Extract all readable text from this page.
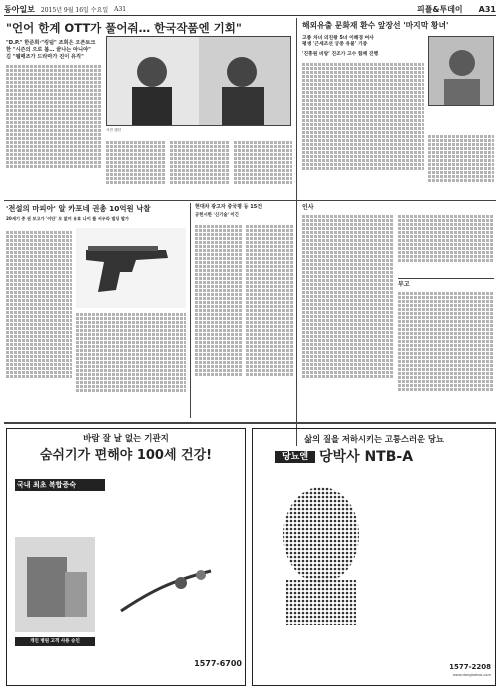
동아일보 2015년 9월 16일 수요일 A31	피플&투데이 A31
"언어 한계 OTT가 풀어줘… 한국작품엔 기회"
"D.P." 한준희·"킹덤" 조희은 오픈토크
한 "시즌의 으로 봄… 끝나는 아니야"
김 "웹매조가 드라마가 진이 유직"
사진 캡션
해외유출 문화재 환수 앞장선 '마지막 황녀'
고종 차녀 의친왕 5녀 이해경 여사
평생 '근세조선 궁중 유물' 기증
'진흥원 비랑' 진조가 고수 함께 진행
'전설의 마피아' 알 카포네 권총 10억원 낙찰
20세기 중 권 보고가 '이단' 모 없어 유효 나이 플 서우라 빌딩 발가
현대차 광고자 중국평 등 15건
공헌시한 '신기술' 이긴
인사
부고
바람 잘 날 없는 기관지
숨쉬기가 편해야 100세 건강!
국내 최초 복합증숙
개인 병원 고객 사용 승인
1577-6700
삶의 질을 저하시키는 고통스러운 당뇨
당뇨엔 당박사 NTB-A
1577-2208
www.dangbaksa.com
